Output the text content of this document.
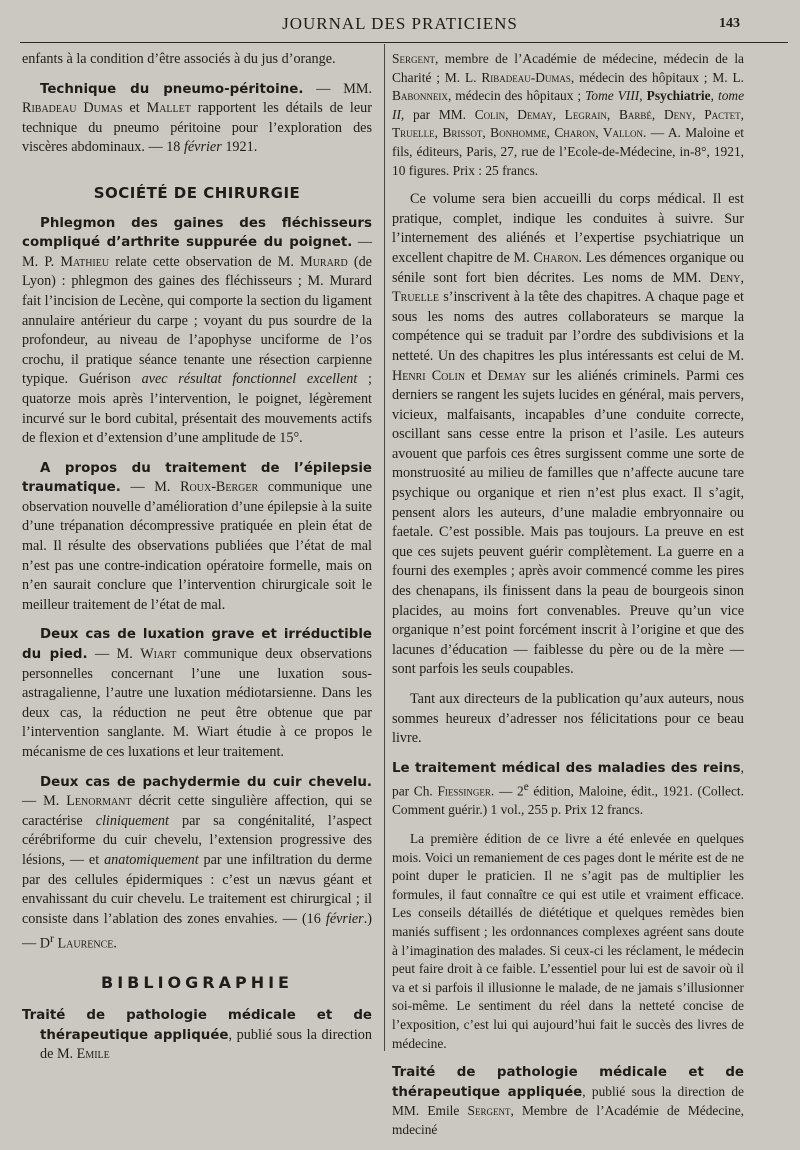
JOURNAL DES PRATICIENS	143

enfants à la condition d’être associés à du jus d’orange.

Technique du pneumo-péritoine. — MM. Ribadeau Dumas et Mallet rapportent les détails de leur technique du pneumo péritoine pour l’exploration des viscères abdominaux. — 18 février 1921.

SOCIÉTÉ DE CHIRURGIE

Phlegmon des gaines des fléchisseurs compliqué d’arthrite suppurée du poignet. — M. P. Mathieu relate cette observation de M. Murard (de Lyon) : phlegmon des gaines des fléchisseurs ; M. Murard fait l’incision de Lecène, qui comporte la section du ligament annulaire antérieur du carpe ; voyant du pus sourdre de la profondeur, au niveau de l’apophyse unciforme de l’os crochu, il pratique séance tenante une résection carpienne typique. Guérison avec résultat fonctionnel excellent ; quatorze mois après l’intervention, le poignet, légèrement incurvé sur le bord cubital, présentait des mouvements actifs de flexion et d’extension d’une amplitude de 15°.

A propos du traitement de l’épilepsie traumatique. — M. Roux-Berger communique une observation nouvelle d’amélioration d’une épilepsie à la suite d’une trépanation décompressive pratiquée en plein état de mal. Il résulte des observations publiées que l’état de mal n’est pas une contre-indication opératoire formelle, mais on n’en saurait conclure que l’intervention chirurgicale soit le meilleur traitement de l’état de mal.

Deux cas de luxation grave et irréductible du pied. — M. Wiart communique deux observations personnelles concernant l’une une luxation sous-astragalienne, l’autre une luxation médiotarsienne. Dans les deux cas, la réduction ne peut être obtenue que par l’intervention sanglante. M. Wiart étudie à ce propos le mécanisme de ces luxations et leur traitement.

Deux cas de pachydermie du cuir chevelu. — M. Lenormant décrit cette singulière affection, qui se caractérise cliniquement par sa congénitalité, l’aspect cérébriforme du cuir chevelu, l’extension progressive des lésions, — et anatomiquement par une infiltration du derme par des cellules épidermiques : c’est un nævus géant et envahissant du cuir chevelu. Le traitement est chirurgical ; il consiste dans l’ablation des zones envahies. — (16 février.) — $D^r$ Laurence.

BIBLIOGRAPHIE

Traité de pathologie médicale et de thérapeutique appliquée, publié sous la direction de M. Emile

Sergent, membre de l’Académie de médecine, médecin de la Charité ; M. L. Ribadeau-Dumas, médecin des hôpitaux ; M. L. Babonneix, médecin des hôpitaux ; Tome VIII, Psychiatrie, tome II, par MM. Colin, Demay, Legrain, Barbé, Deny, Pactet, Truelle, Brissot, Bonhomme, Charon, Vallon. — A. Maloine et fils, éditeurs, Paris, 27, rue de l’Ecole-de-Médecine, in-8°, 1921, 10 figures. Prix : 25 francs.

Ce volume sera bien accueilli du corps médical. Il est pratique, complet, indique les conduites à suivre. Sur l’internement des aliénés et l’expertise psychiatrique un excellent chapitre de M. Charon. Les démences organique ou sénile sont fort bien décrites. Les noms de MM. Deny, Truelle s’inscrivent à la tête des chapitres. A chaque page et sous les noms des autres collaborateurs se marque la compétence qui se traduit par l’ordre des subdivisions et la netteté. Un des chapitres les plus intéressants est celui de M. Henri Colin et Demay sur les aliénés criminels. Parmi ces derniers se rangent les sujets lucides en général, mais pervers, vicieux, malfaisants, incapables d’une conduite correcte, oscillant sans cesse entre la prison et l’asile. Les auteurs avouent que parfois ces êtres surgissent comme une sorte de monstruosité au milieu de familles que n’affecte aucune tare psychique ou organique et rien n’est plus exact. Il s’agit, pensent alors les auteurs, d’une maladie embryonnaire ou faetale. C’est possible. Mais pas toujours. La preuve en est que ces sujets peuvent guérir complètement. La guerre en a fourni des exemples ; après avoir commencé comme les pires des chenapans, ils finissent dans la peau de bourgeois sinon placides, au moins fort convenables. Preuve qu’un vice organique n’est point forcément inscrit à l’origine et que des lacunes d’éducation — faiblesse du père ou de la mère — sont parfois les seuls coupables.

Tant aux directeurs de la publication qu’aux auteurs, nous sommes heureux d’adresser nos félicitations pour ce beau livre.

Le traitement médical des maladies des reins, par Ch. Fiessinger. — 2e édition, Maloine, édit., 1921. (Collect. Comment guérir.) 1 vol., 255 p. Prix 12 francs.

La première édition de ce livre a été enlevée en quelques mois. Voici un remaniement de ces pages dont le mérite est de ne point duper le praticien. Il ne s’agit pas de multiplier les formules, il faut connaître ce qui est utile et vraiment efficace. Les conseils détaillés de diététique et quelques remèdes bien maniés suffisent ; les ordonnances complexes agréent sans doute à l’imagination des malades. Si ceux-ci les réclament, le médecin peut faire droit à ce faible. L’essentiel pour lui est de savoir où il va et si parfois il illusionne le malade, de ne jamais s’illusionner soi-même. Le sentiment du réel dans la netteté concise de l’exposition, c’est lui qui aujourd’hui fait le succès des livres de médecine.

Traité de pathologie médicale et de thérapeutique appliquée, publié sous la direction de MM. Emile Sergent, Membre de l’Académie de Médecine, mdeciné
